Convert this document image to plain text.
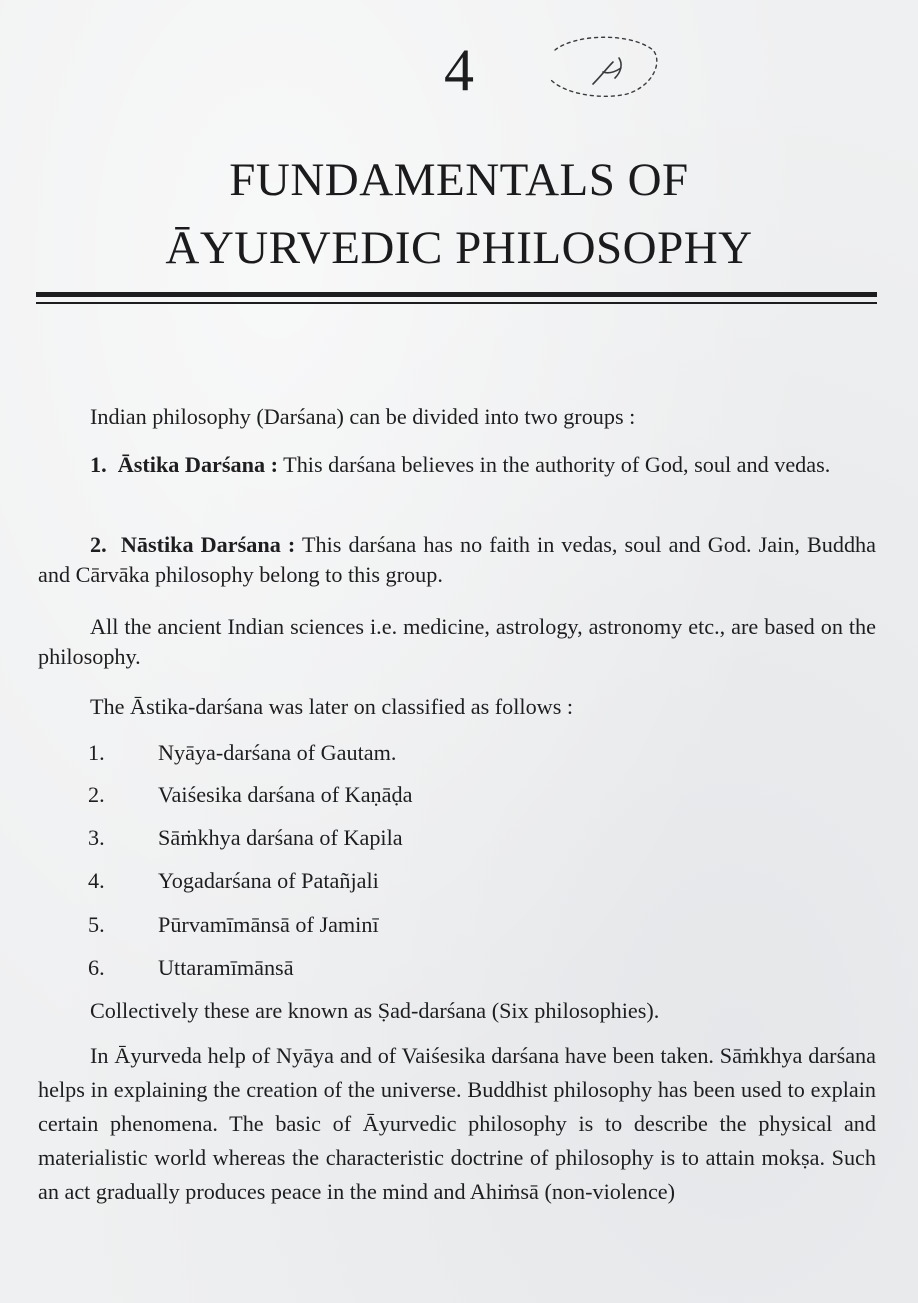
4
FUNDAMENTALS OF
ĀYURVEDIC PHILOSOPHY
Indian philosophy (Darśana) can be divided into two groups :
1. Āstika Darśana : This darśana believes in the authority of God, soul and vedas.
2. Nāstika Darśana : This darśana has no faith in vedas, soul and God. Jain, Buddha and Cārvāka philosophy belong to this group.
All the ancient Indian sciences i.e. medicine, astrology, astronomy etc., are based on the philosophy.
The Āstika-darśana was later on classified as follows :
1. Nyāya-darśana of Gautam.
2. Vaiśesika darśana of Kaṇāḍa
3. Sāṁkhya darśana of Kapila
4. Yogadarśana of Patañjali
5. Pūrvamīmānsā of Jaminī
6. Uttaramīmānsā
Collectively these are known as Ṣad-darśana (Six philosophies).
In Āyurveda help of Nyāya and of Vaiśesika darśana have been taken. Sāṁkhya darśana helps in explaining the creation of the universe. Buddhist philosophy has been used to explain certain phenomena. The basic of Āyurvedic philosophy is to describe the physical and materialistic world whereas the characteristic doctrine of philosophy is to attain mokṣa. Such an act gradually produces peace in the mind and Ahiṁsā (non-violence)
